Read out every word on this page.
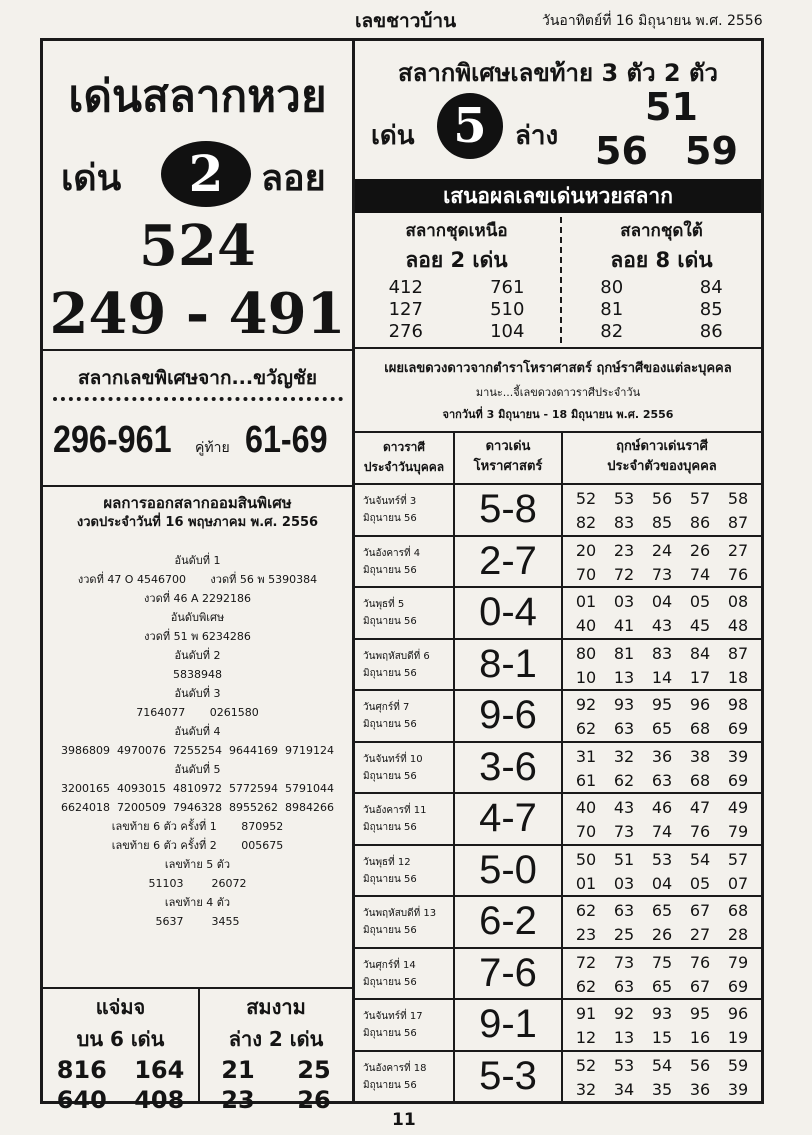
เลขชาวบ้าน	วันอาทิตย์ที่ 16 มิถุนายน พ.ศ. 2556
เด่นสลากหวย
เด่น	2	ลอย
524
249 - 491
สลากเลขพิเศษจาก...ขวัญชัย
296-961 คู่ท้าย 61-69
ผลการออกสลากออมสินพิเศษ
งวดประจำวันที่ 16 พฤษภาคม พ.ศ. 2556
อันดับที่ 1
งวดที่ 47 O 4546700       งวดที่ 56 พ 5390384
งวดที่ 46 A 2292186
อันดับพิเศษ
งวดที่ 51 พ 6234286
อันดับที่ 2
5838948
อันดับที่ 3
7164077       0261580
อันดับที่ 4
3986809  4970076  7255254  9644169  9719124
อันดับที่ 5
3200165  4093015  4810972  5772594  5791044
6624018  7200509  7946328  8955262  8984266
เลขท้าย 6 ตัว ครั้งที่ 1       870952
เลขท้าย 6 ตัว ครั้งที่ 2       005675
เลขท้าย 5 ตัว
51103        26072
เลขท้าย 4 ตัว
5637        3455
แจ่มจ
บน 6 เด่น
816 164
640 408
สมงาม
ล่าง 2 เด่น
21 25
23 26
สลากพิเศษเลขท้าย 3 ตัว 2 ตัว
เด่น 5	ล่าง
51
56 59
เสนอผลเลขเด่นหวยสลาก
สลากชุดเหนือ
ลอย 2 เด่น
412	761
127	510
276	104
สลากชุดใต้
ลอย 8 เด่น
80	84
81	85
82	86
เผยเลขดวงดาวจากตำราโหราศาสตร์ ฤกษ์ราศีของแต่ละบุคคล
มานะ...จี้เลขดวงดาวราศีประจำวัน
จากวันที่ 3 มิถุนายน - 18 มิถุนายน พ.ศ. 2556
ดาวราศี
ประจำวันบุคคล
ดาวเด่น
โหราศาสตร์
ฤกษ์ดาวเด่นราศี
ประจำตัวของบุคคล
วันจันทร์ที่ 3
มิถุนายน 56	5-8	52 53 56 57 58
82 83 85 86 87
วันอังคารที่ 4
มิถุนายน 56	2-7	20 23 24 26 27
70 72 73 74 76
วันพุธที่ 5
มิถุนายน 56	0-4	01 03 04 05 08
40 41 43 45 48
วันพฤหัสบดีที่ 6
มิถุนายน 56	8-1	80 81 83 84 87
10 13 14 17 18
วันศุกร์ที่ 7
มิถุนายน 56	9-6	92 93 95 96 98
62 63 65 68 69
วันจันทร์ที่ 10
มิถุนายน 56	3-6	31 32 36 38 39
61 62 63 68 69
วันอังคารที่ 11
มิถุนายน 56	4-7	40 43 46 47 49
70 73 74 76 79
วันพุธที่ 12
มิถุนายน 56	5-0	50 51 53 54 57
01 03 04 05 07
วันพฤหัสบดีที่ 13
มิถุนายน 56	6-2	62 63 65 67 68
23 25 26 27 28
วันศุกร์ที่ 14
มิถุนายน 56	7-6	72 73 75 76 79
62 63 65 67 69
วันจันทร์ที่ 17
มิถุนายน 56	9-1	91 92 93 95 96
12 13 15 16 19
วันอังคารที่ 18
มิถุนายน 56	5-3	52 53 54 56 59
32 34 35 36 39
11
